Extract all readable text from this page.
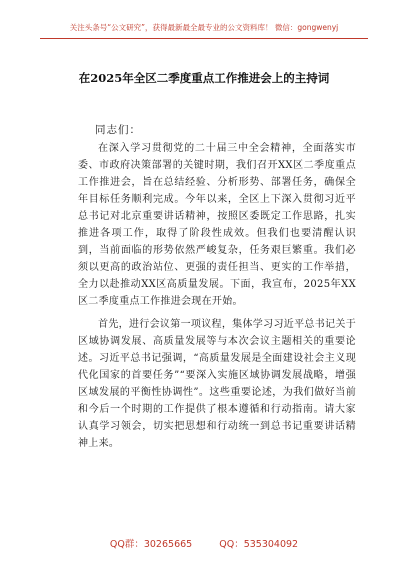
关注头条号“公文研究”，获得最新最全最专业的公文资料库！ 微信：gongwenyj
在2025年全区二季度重点工作推进会上的主持词
同志们：

在深入学习贯彻党的二十届三中全会精神，全面落实市委、市政府决策部署的关键时期，我们召开XX区二季度重点工作推进会，旨在总结经验、分析形势、部署任务，确保全年目标任务顺利完成。今年以来，全区上下深入贯彻习近平总书记对北京重要讲话精神，按照区委既定工作思路，扎实推进各项工作，取得了阶段性成效。但我们也要清醒认识到，当前面临的形势依然严峻复杂，任务艰巨繁重。我们必须以更高的政治站位、更强的责任担当、更实的工作举措，全力以赴推动XX区高质量发展。下面，我宣布，2025年XX区二季度重点工作推进会现在开始。

首先，进行会议第一项议程，集体学习习近平总书记关于区域协调发展、高质量发展等与本次会议主题相关的重要论述。习近平总书记强调，“高质量发展是全面建设社会主义现代化国家的首要任务”“要深入实施区域协调发展战略，增强区域发展的平衡性协调性”。这些重要论述，为我们做好当前和今后一个时期的工作提供了根本遵循和行动指南。请大家认真学习领会，切实把思想和行动统一到总书记重要讲话精神上来。

QQ群：30265665	QQ：535304092
